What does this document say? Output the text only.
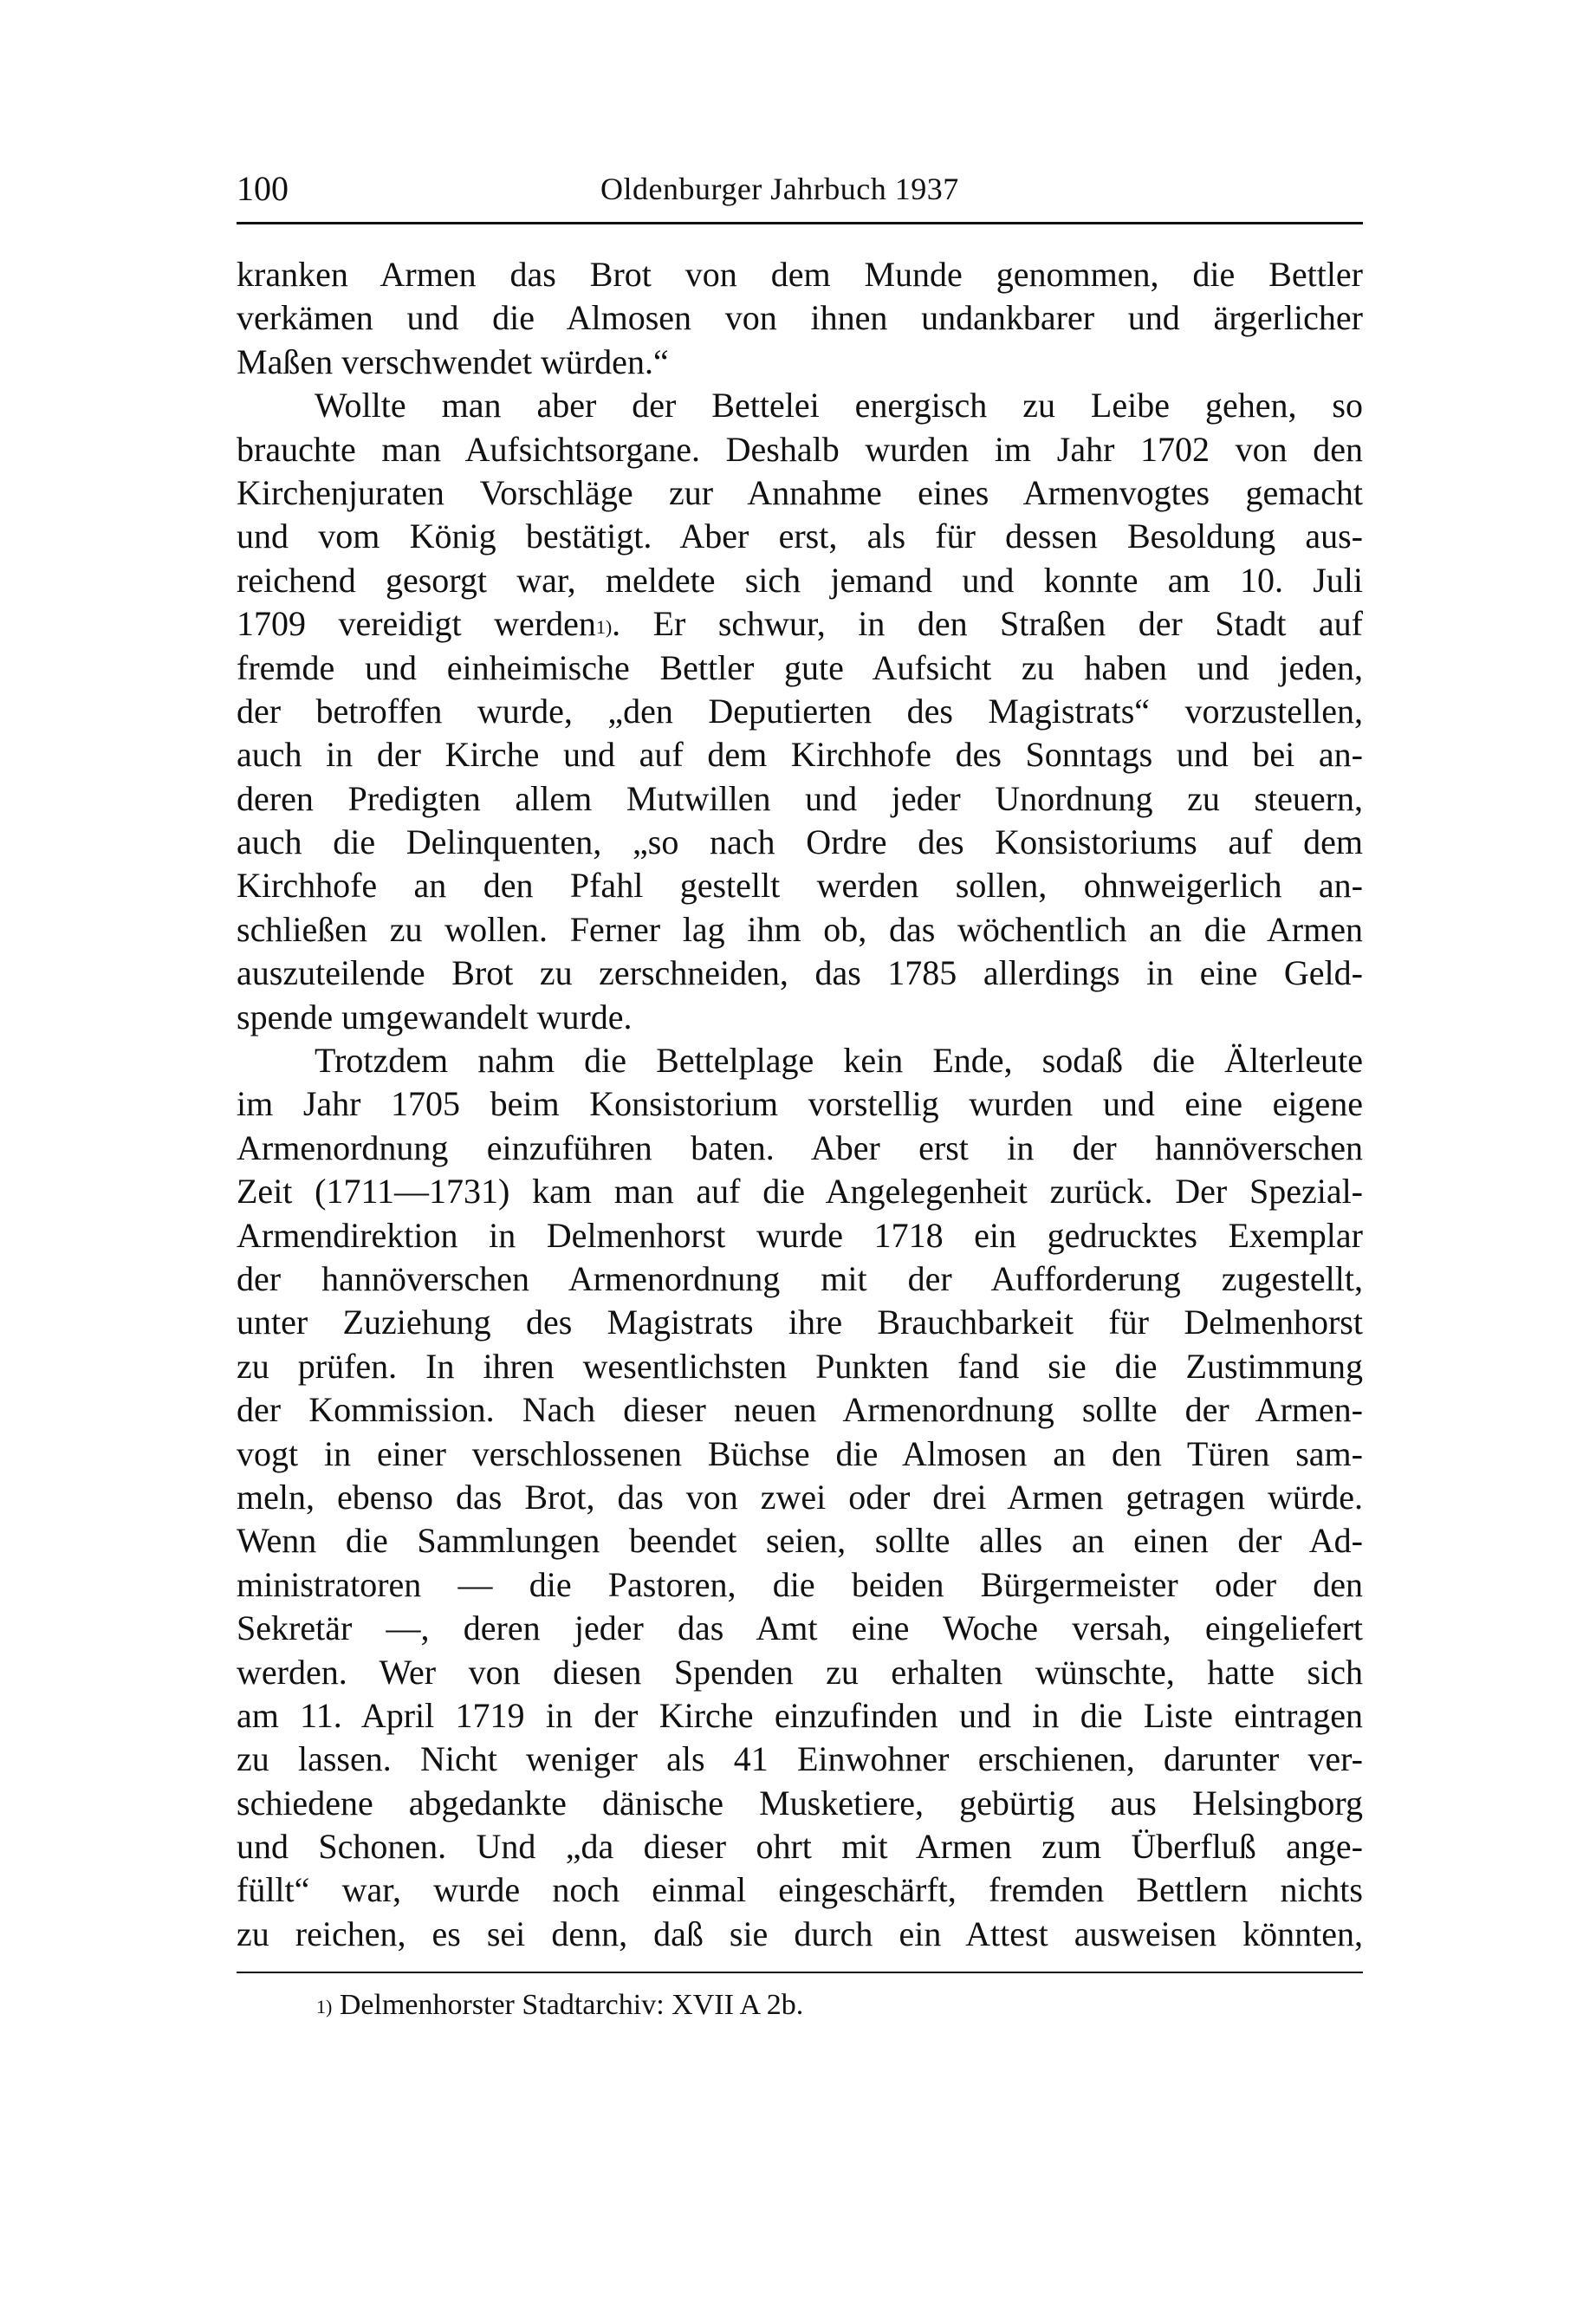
100	Oldenburger Jahrbuch 1937
kranken Armen das Brot von dem Munde genommen, die Bettler
verkämen und die Almosen von ihnen undankbarer und ärgerlicher
Maßen verschwendet würden.“
Wollte man aber der Bettelei energisch zu Leibe gehen, so
brauchte man Aufsichtsorgane. Deshalb wurden im Jahr 1702 von den
Kirchenjuraten Vorschläge zur Annahme eines Armenvogtes gemacht
und vom König bestätigt. Aber erst, als für dessen Besoldung aus-
reichend gesorgt war, meldete sich jemand und konnte am 10. Juli
1709 vereidigt werden$^{1)}$. Er schwur, in den Straßen der Stadt auf
fremde und einheimische Bettler gute Aufsicht zu haben und jeden,
der betroffen wurde, „den Deputierten des Magistrats“ vorzustellen,
auch in der Kirche und auf dem Kirchhofe des Sonntags und bei an-
deren Predigten allem Mutwillen und jeder Unordnung zu steuern,
auch die Delinquenten, „so nach Ordre des Konsistoriums auf dem
Kirchhofe an den Pfahl gestellt werden sollen, ohnweigerlich an-
schließen zu wollen. Ferner lag ihm ob, das wöchentlich an die Armen
auszuteilende Brot zu zerschneiden, das 1785 allerdings in eine Geld-
spende umgewandelt wurde.
Trotzdem nahm die Bettelplage kein Ende, sodaß die Älterleute
im Jahr 1705 beim Konsistorium vorstellig wurden und eine eigene
Armenordnung einzuführen baten. Aber erst in der hannöverschen
Zeit (1711—1731) kam man auf die Angelegenheit zurück. Der Spezial-
Armendirektion in Delmenhorst wurde 1718 ein gedrucktes Exemplar
der hannöverschen Armenordnung mit der Aufforderung zugestellt,
unter Zuziehung des Magistrats ihre Brauchbarkeit für Delmenhorst
zu prüfen. In ihren wesentlichsten Punkten fand sie die Zustimmung
der Kommission. Nach dieser neuen Armenordnung sollte der Armen-
vogt in einer verschlossenen Büchse die Almosen an den Türen sam-
meln, ebenso das Brot, das von zwei oder drei Armen getragen würde.
Wenn die Sammlungen beendet seien, sollte alles an einen der Ad-
ministratoren — die Pastoren, die beiden Bürgermeister oder den
Sekretär —, deren jeder das Amt eine Woche versah, eingeliefert
werden. Wer von diesen Spenden zu erhalten wünschte, hatte sich
am 11. April 1719 in der Kirche einzufinden und in die Liste eintragen
zu lassen. Nicht weniger als 41 Einwohner erschienen, darunter ver-
schiedene abgedankte dänische Musketiere, gebürtig aus Helsingborg
und Schonen. Und „da dieser ohrt mit Armen zum Überfluß ange-
füllt“ war, wurde noch einmal eingeschärft, fremden Bettlern nichts
zu reichen, es sei denn, daß sie durch ein Attest ausweisen könnten,
$^{1)}$ Delmenhorster Stadtarchiv: XVII A 2b.
